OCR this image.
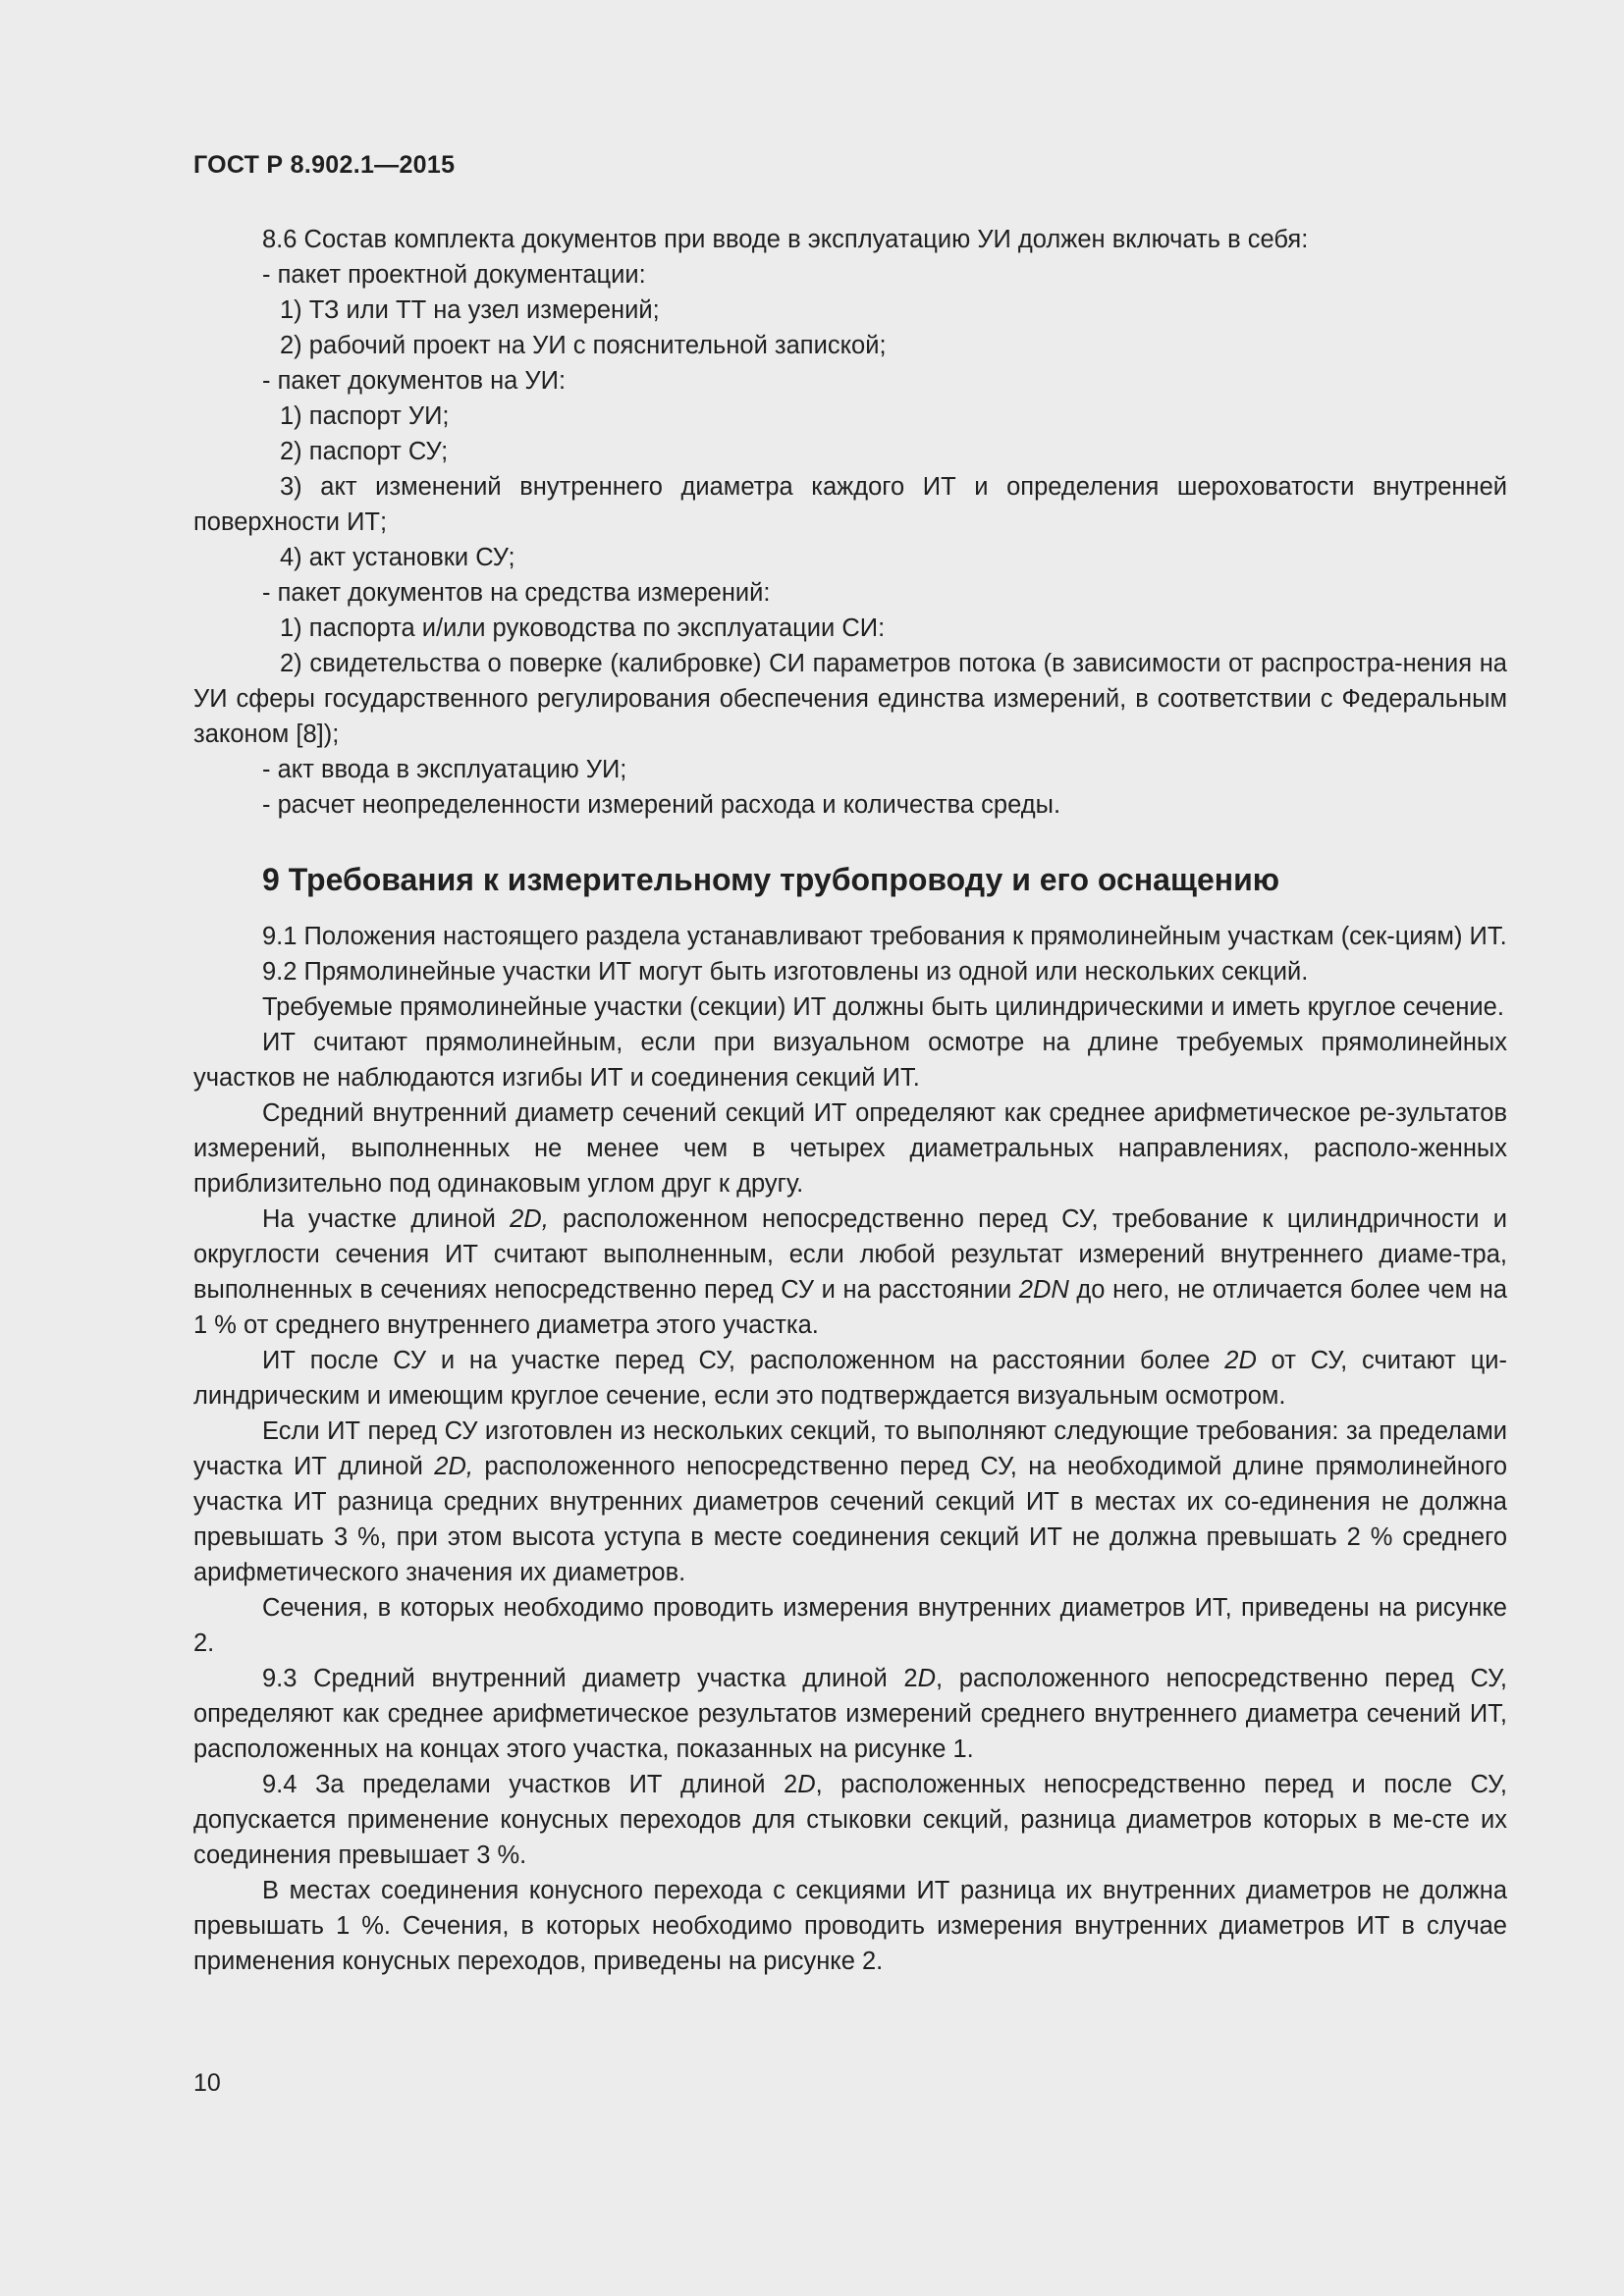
ГОСТ Р 8.902.1—2015

8.6 Состав комплекта документов при вводе в эксплуатацию УИ должен включать в себя:

- пакет проектной документации:

1) ТЗ или ТТ на узел измерений;

2) рабочий проект на УИ с пояснительной запиской;

- пакет документов на УИ:

1) паспорт УИ;

2) паспорт СУ;

3) акт изменений внутреннего диаметра каждого ИТ и определения шероховатости внутренней поверхности ИТ;

4) акт установки СУ;

- пакет документов на средства измерений:

1) паспорта и/или руководства по эксплуатации СИ:

2) свидетельства о поверке (калибровке) СИ параметров потока (в зависимости от распростра-нения на УИ сферы государственного регулирования обеспечения единства измерений, в соответствии с Федеральным законом [8]);

- акт ввода в эксплуатацию УИ;

- расчет неопределенности измерений расхода и количества среды.

9 Требования к измерительному трубопроводу и его оснащению

9.1 Положения настоящего раздела устанавливают требования к прямолинейным участкам (сек-циям) ИТ.

9.2 Прямолинейные участки ИТ могут быть изготовлены из одной или нескольких секций.

Требуемые прямолинейные участки (секции) ИТ должны быть цилиндрическими и иметь круглое сечение.

ИТ считают прямолинейным, если при визуальном осмотре на длине требуемых прямолинейных участков не наблюдаются изгибы ИТ и соединения секций ИТ.

Средний внутренний диаметр сечений секций ИТ определяют как среднее арифметическое ре-зультатов измерений, выполненных не менее чем в четырех диаметральных направлениях, располо-женных приблизительно под одинаковым углом друг к другу.

На участке длиной 2D, расположенном непосредственно перед СУ, требование к цилиндричности и округлости сечения ИТ считают выполненным, если любой результат измерений внутреннего диаме-тра, выполненных в сечениях непосредственно перед СУ и на расстоянии 2DN до него, не отличается более чем на 1 % от среднего внутреннего диаметра этого участка.

ИТ после СУ и на участке перед СУ, расположенном на расстоянии более 2D от СУ, считают ци-линдрическим и имеющим круглое сечение, если это подтверждается визуальным осмотром.

Если ИТ перед СУ изготовлен из нескольких секций, то выполняют следующие требования: за пределами участка ИТ длиной 2D, расположенного непосредственно перед СУ, на необходимой длине прямолинейного участка ИТ разница средних внутренних диаметров сечений секций ИТ в местах их со-единения не должна превышать 3 %, при этом высота уступа в месте соединения секций ИТ не должна превышать 2 % среднего арифметического значения их диаметров.

Сечения, в которых необходимо проводить измерения внутренних диаметров ИТ, приведены на рисунке 2.

9.3 Средний внутренний диаметр участка длиной 2D, расположенного непосредственно перед СУ, определяют как среднее арифметическое результатов измерений среднего внутреннего диаметра сечений ИТ, расположенных на концах этого участка, показанных на рисунке 1.

9.4 За пределами участков ИТ длиной 2D, расположенных непосредственно перед и после СУ, допускается применение конусных переходов для стыковки секций, разница диаметров которых в ме-сте их соединения превышает 3 %.

В местах соединения конусного перехода с секциями ИТ разница их внутренних диаметров не должна превышать 1 %. Сечения, в которых необходимо проводить измерения внутренних диаметров ИТ в случае применения конусных переходов, приведены на рисунке 2.

10
